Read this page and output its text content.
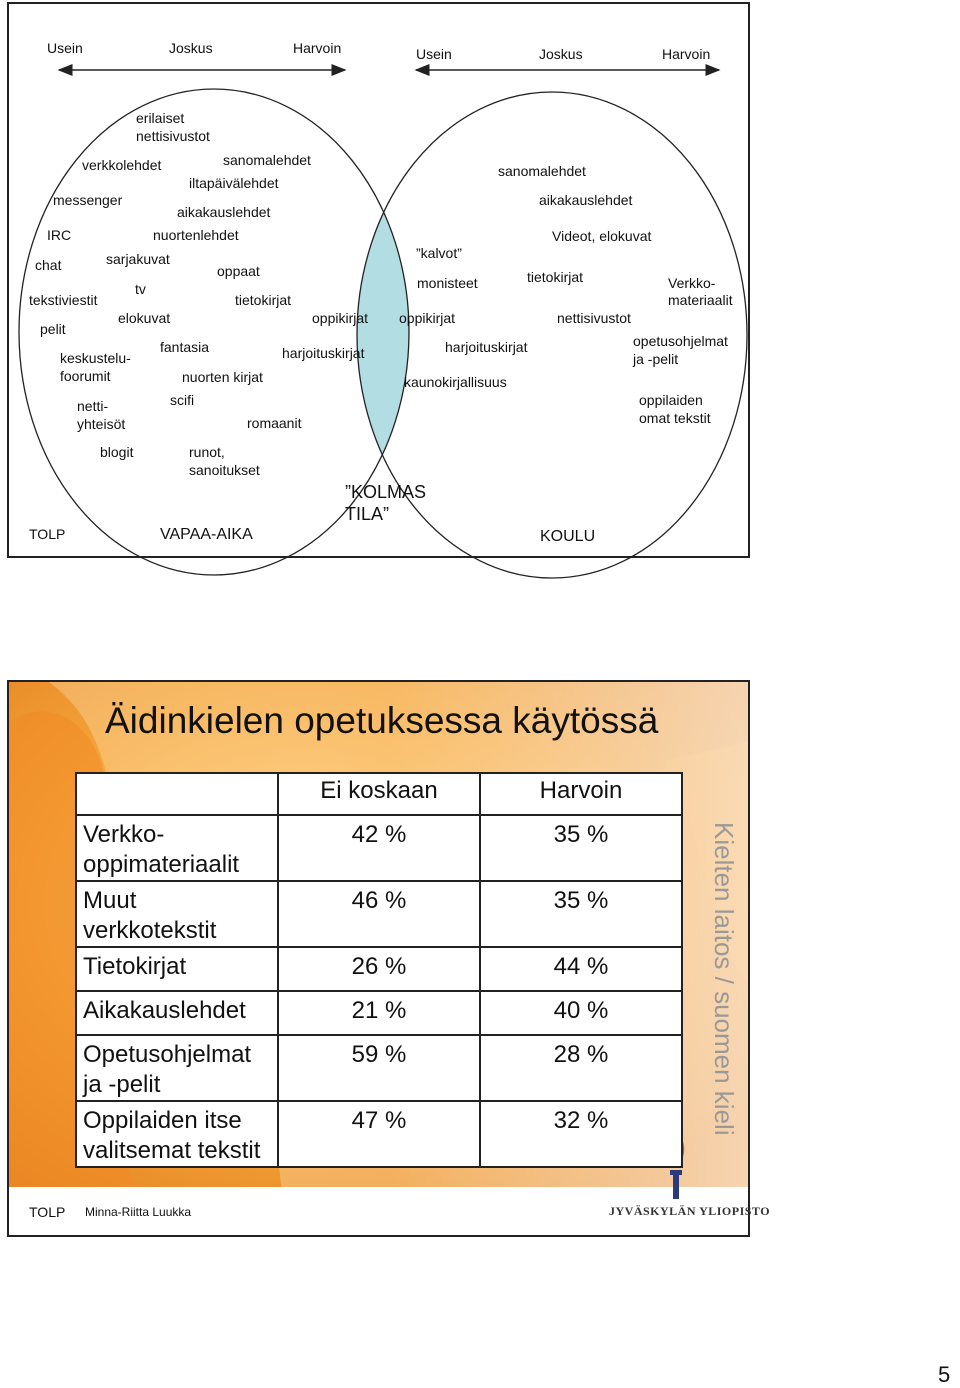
Usein	Joskus	Harvoin	Usein	Joskus	Harvoin
erilaiset
nettisivustot
verkkolehdet
messenger
IRC
chat	sarjakuvat
tv
tekstiviestit
elokuvat
pelit
keskustelu-
foorumit
netti-
yhteisöt
blogit
sanomalehdet
iltapäivälehdet
aikakauslehdet
nuortenlehdet
oppaat
tietokirjat
oppikirjat
fantasia	harjoituskirjat
nuorten kirjat
scifi
romaanit
runot,
sanoitukset
”kalvot”
monisteet
oppikirjat
harjoituskirjat
kaunokirjallisuus
sanomalehdet
aikakauslehdet
Videot, elokuvat
tietokirjat
nettisivustot
Verkko-
materiaalit
opetusohjelmat
ja -pelit
oppilaiden
omat tekstit
TOLP	VAPAA-AIKA	KOULU
”KOLMAS
TILA”
Äidinkielen opetuksessa käytössä
	Ei koskaan	Harvoin
Verkko-
oppimateriaalit	42 %	35 %
Muut
verkkotekstit	46 %	35 %
Tietokirjat	26 %	44 %
Aikakauslehdet	21 %	40 %
Opetusohjelmat
ja -pelit	59 %	28 %
Oppilaiden itse
valitsemat tekstit	47 %	32 %	Kielten laitos / suomen kieli
TOLP Minna-Riitta Luukka	JYVÄSKYLÄN YLIOPISTO
5
